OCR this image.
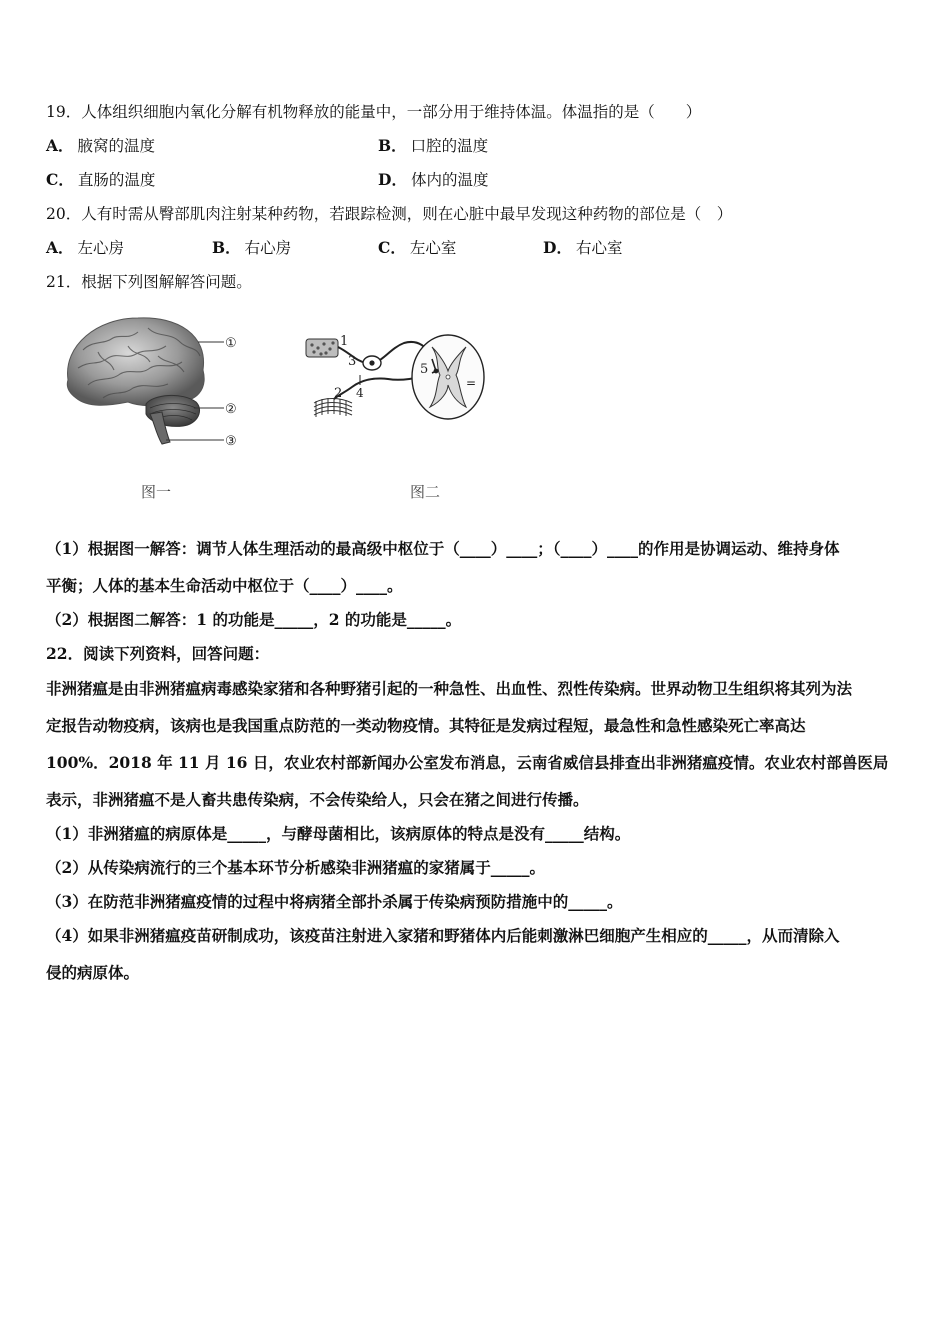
19．人体组织细胞内氧化分解有机物释放的能量中，一部分用于维持体温。体温指的是（　　）
A． 腋窝的温度	B． 口腔的温度
C． 直肠的温度	D． 体内的温度
20．人有时需从臀部肌肉注射某种药物，若跟踪检测，则在心脏中最早发现这种药物的部位是（　）
A． 左心房	B． 右心房	C． 左心室	D． 右心室
21．根据下列图解解答问题。
①
②
③
图一
1
2
3
4
5
=
图二
（1）根据图一解答：调节人体生理活动的最高级中枢位于（____）____；（____）____的作用是协调运动、维持身体
平衡；人体的基本生命活动中枢位于（____）____。
（2）根据图二解答：1 的功能是_____，2 的功能是_____。
22．阅读下列资料，回答问题：
非洲猪瘟是由非洲猪瘟病毒感染家猪和各种野猪引起的一种急性、出血性、烈性传染病。世界动物卫生组织将其列为法
定报告动物疫病，该病也是我国重点防范的一类动物疫情。其特征是发病过程短，最急性和急性感染死亡率高达
100%．2018 年 11 月 16 日，农业农村部新闻办公室发布消息，云南省威信县排查出非洲猪瘟疫情。农业农村部兽医局
表示，非洲猪瘟不是人畜共患传染病，不会传染给人，只会在猪之间进行传播。
（1）非洲猪瘟的病原体是_____，与酵母菌相比，该病原体的特点是没有_____结构。
（2）从传染病流行的三个基本环节分析感染非洲猪瘟的家猪属于_____。
（3）在防范非洲猪瘟疫情的过程中将病猪全部扑杀属于传染病预防措施中的_____。
（4）如果非洲猪瘟疫苗研制成功，该疫苗注射进入家猪和野猪体内后能刺激淋巴细胞产生相应的_____，从而清除入
侵的病原体。
